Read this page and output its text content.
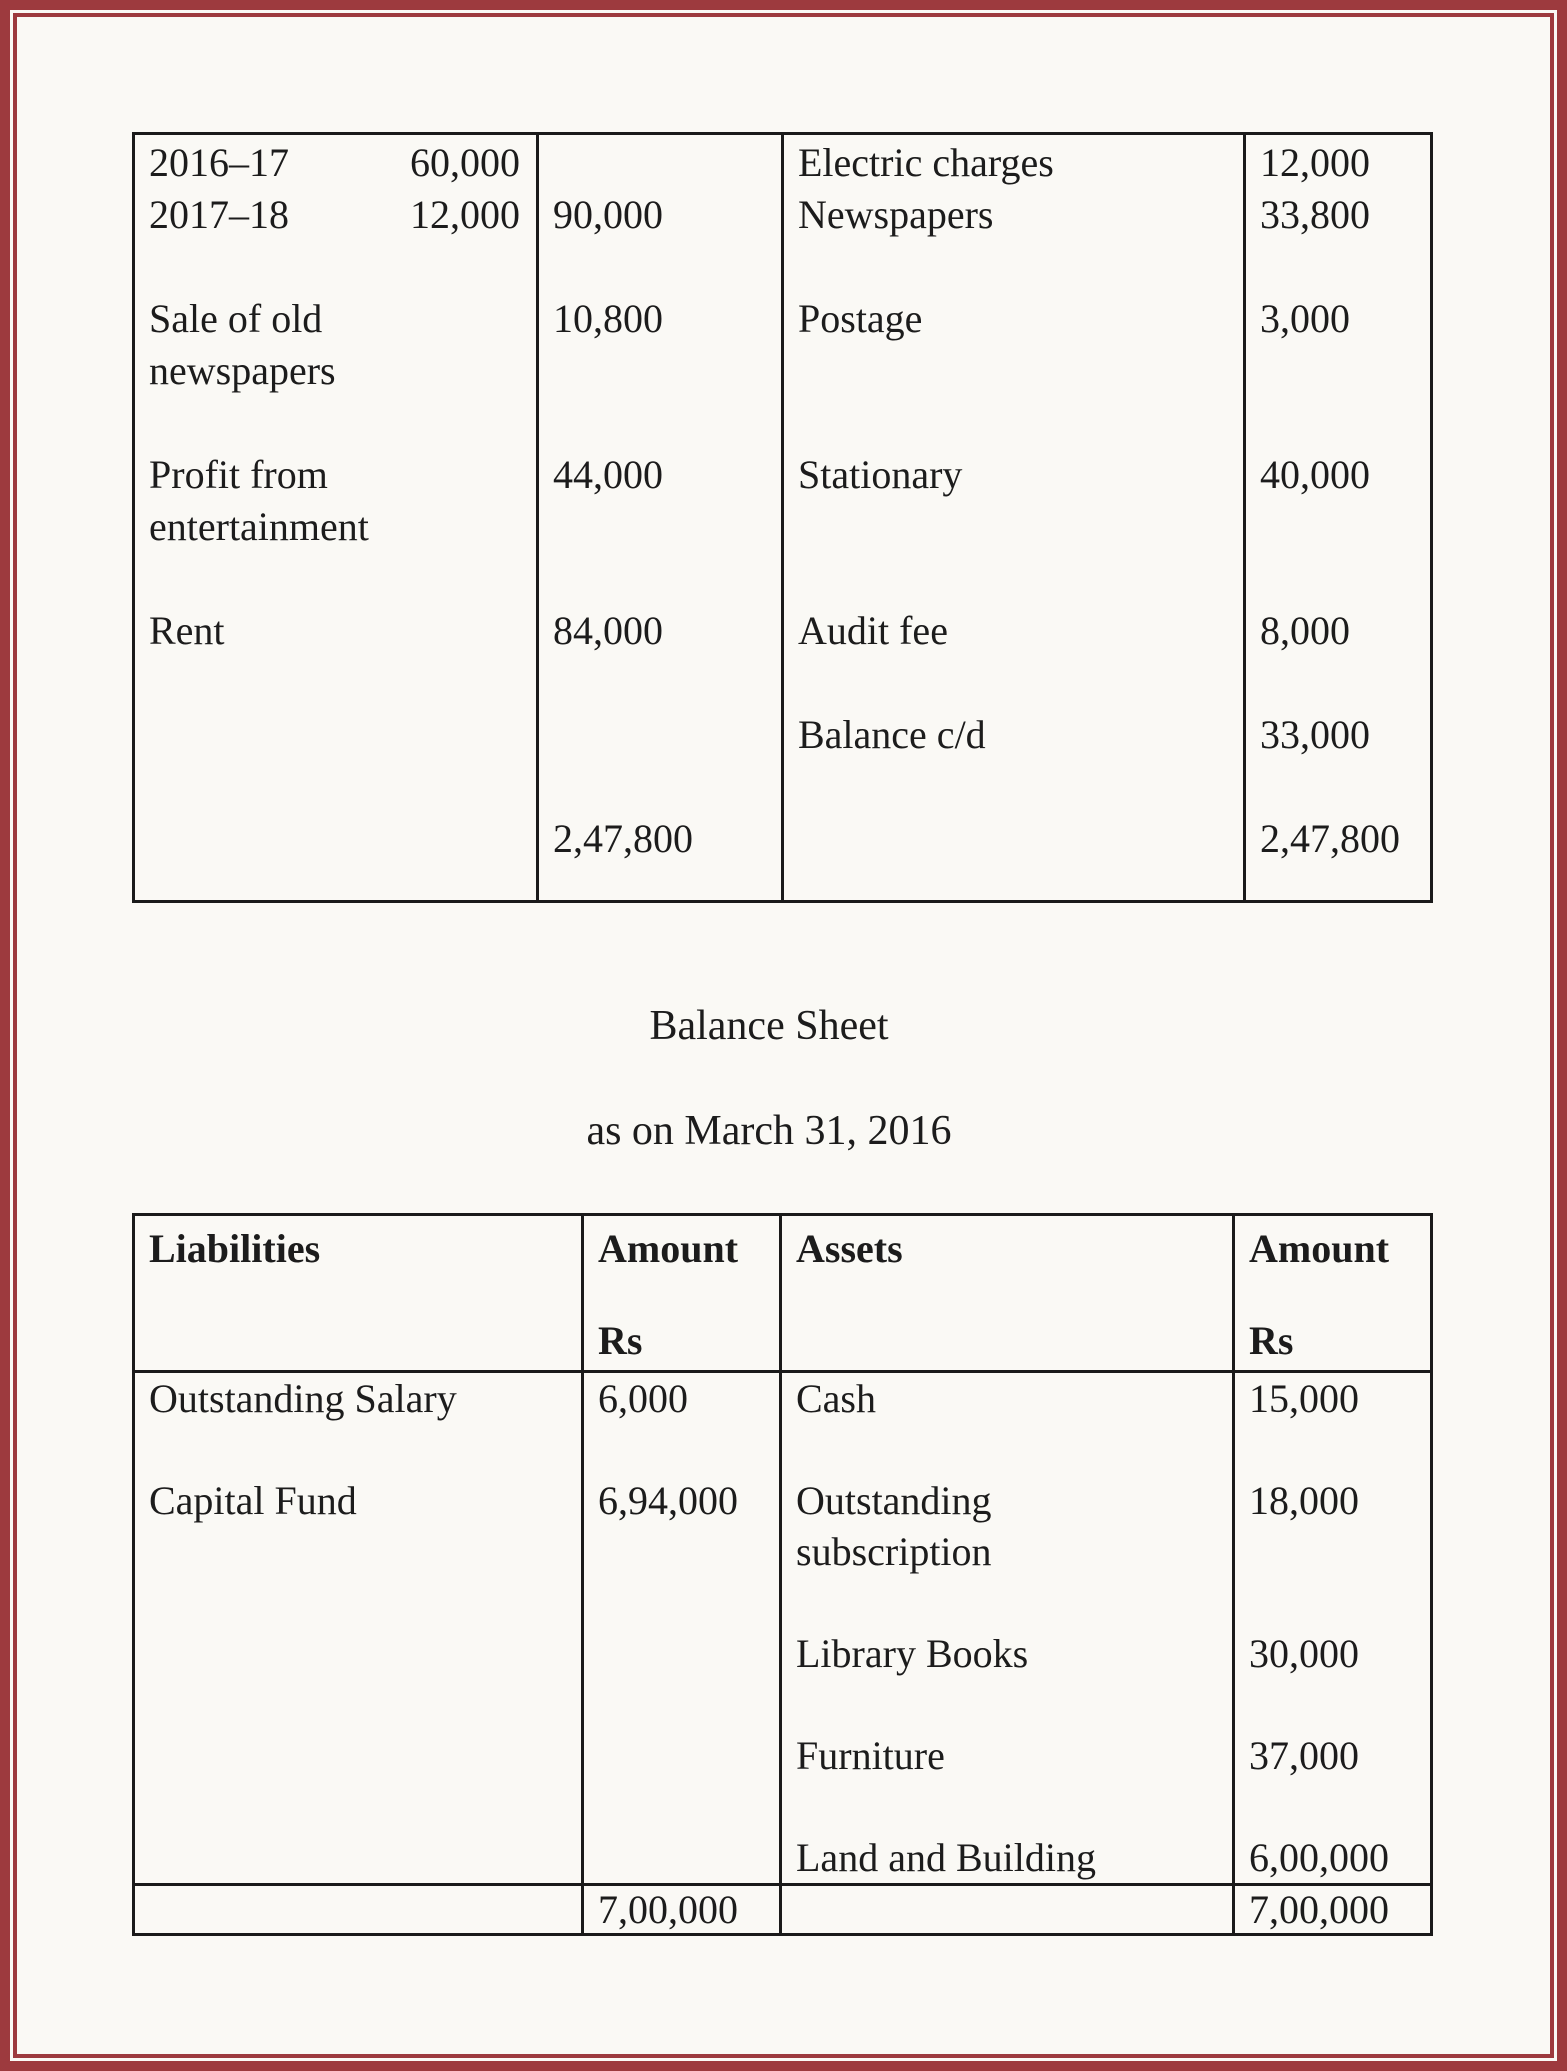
2016–17	60,000
2017–18	12,000
Sale of old
newspapers
Profit from
entertainment
Rent
90,000
10,800
44,000
84,000
2,47,800
Electric charges
Newspapers
Postage
Stationary
Audit fee
Balance c/d
12,000
33,800
3,000
40,000
8,000
33,000
2,47,800
Balance Sheet
as on March 31, 2016
Liabilities
Outstanding Salary
Capital Fund
Amount
Rs
6,000
6,94,000
7,00,000
Assets
Cash
Outstanding
subscription
Library Books
Furniture
Land and Building
Amount
Rs
15,000
18,000
30,000
37,000
6,00,000
7,00,000
